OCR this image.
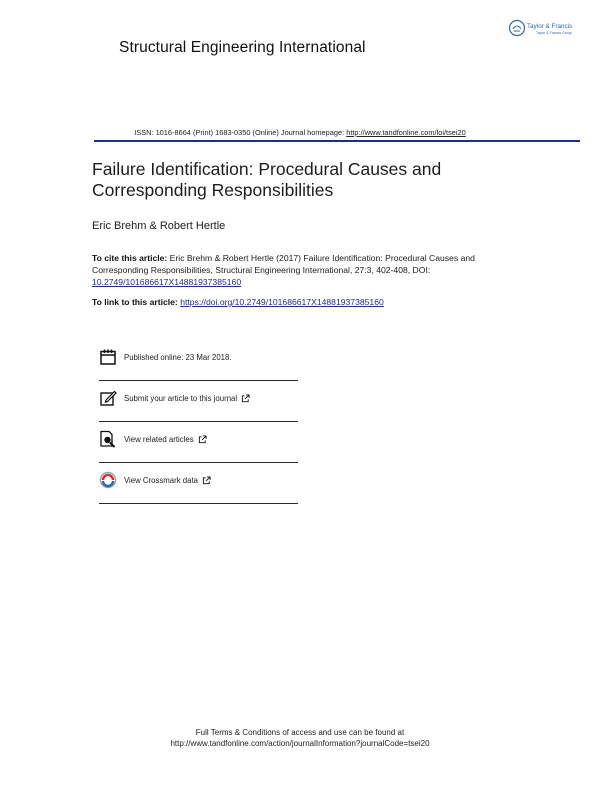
Structural Engineering International
Taylor & Francis
Taylor & Francis Group
ISSN: 1016-8664 (Print) 1683-0350 (Online) Journal homepage: http://www.tandfonline.com/loi/tsei20
Failure Identification: Procedural Causes and
Corresponding Responsibilities
Eric Brehm & Robert Hertle
To cite this article: Eric Brehm & Robert Hertle (2017) Failure Identification: Procedural Causes and Corresponding Responsibilities, Structural Engineering International, 27:3, 402-408, DOI: 10.2749/101686617X14881937385160
To link to this article: https://doi.org/10.2749/101686617X14881937385160
Published online: 23 Mar 2018.
Submit your article to this journal
View related articles
View Crossmark data
Full Terms & Conditions of access and use can be found at
http://www.tandfonline.com/action/journalInformation?journalCode=tsei20
